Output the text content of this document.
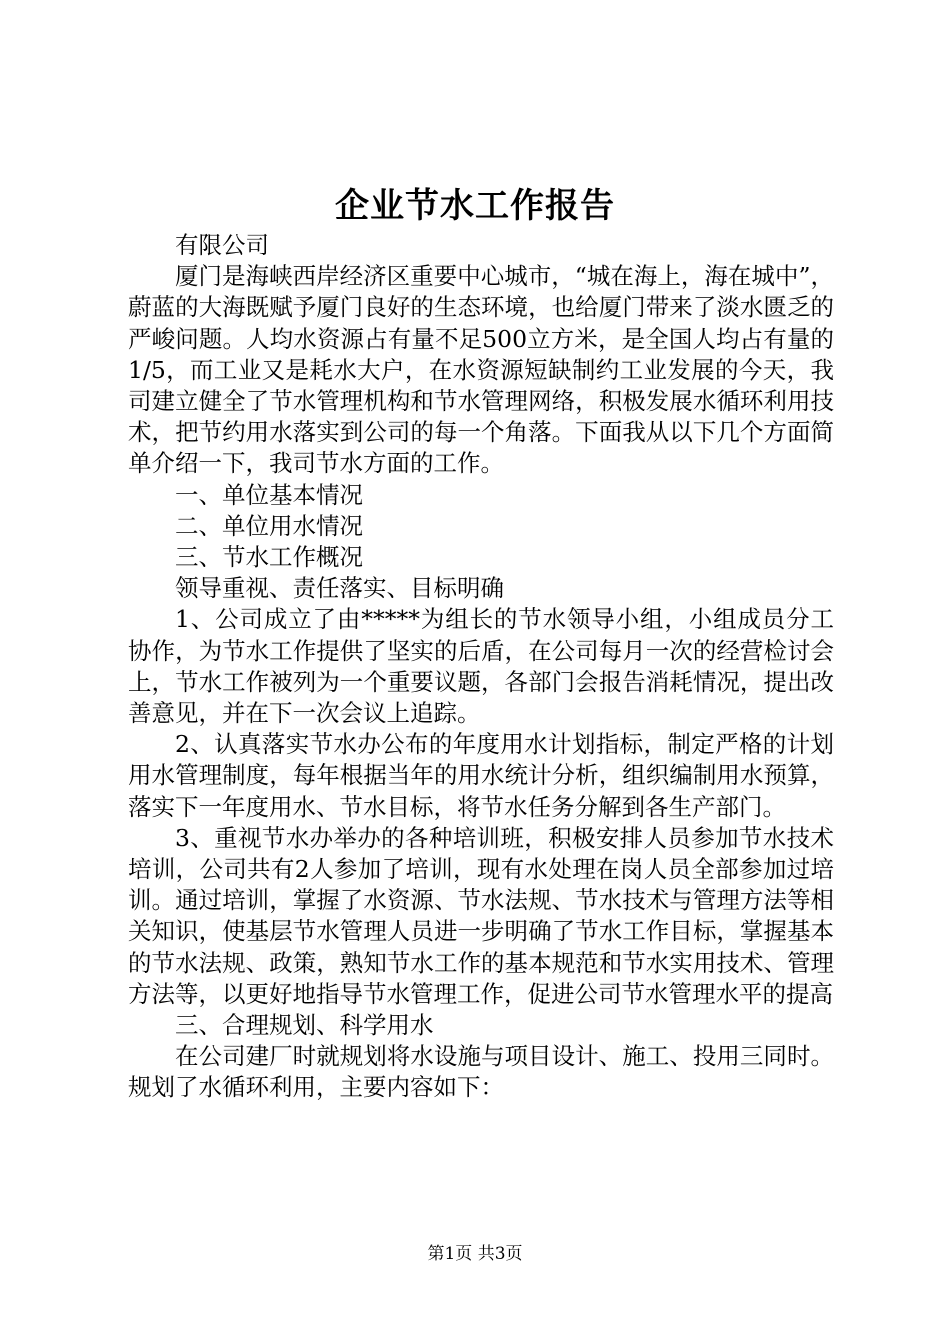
企业节水工作报告

有限公司

厦门是海峡西岸经济区重要中心城市，“城在海上，海在城中”，蔚蓝的大海既赋予厦门良好的生态环境，也给厦门带来了淡水匮乏的严峻问题。人均水资源占有量不足500立方米，是全国人均占有量的1/5，而工业又是耗水大户，在水资源短缺制约工业发展的今天，我司建立健全了节水管理机构和节水管理网络，积极发展水循环利用技术，把节约用水落实到公司的每一个角落。下面我从以下几个方面简单介绍一下，我司节水方面的工作。

一、单位基本情况

二、单位用水情况

三、节水工作概况

领导重视、责任落实、目标明确

1、公司成立了由*****为组长的节水领导小组，小组成员分工协作，为节水工作提供了坚实的后盾，在公司每月一次的经营检讨会上，节水工作被列为一个重要议题，各部门会报告消耗情况，提出改善意见，并在下一次会议上追踪。

2、认真落实节水办公布的年度用水计划指标，制定严格的计划用水管理制度，每年根据当年的用水统计分析，组织编制用水预算，落实下一年度用水、节水目标，将节水任务分解到各生产部门。

3、重视节水办举办的各种培训班，积极安排人员参加节水技术培训，公司共有2人参加了培训，现有水处理在岗人员全部参加过培训。通过培训，掌握了水资源、节水法规、节水技术与管理方法等相关知识，使基层节水管理人员进一步明确了节水工作目标，掌握基本的节水法规、政策，熟知节水工作的基本规范和节水实用技术、管理方法等，以更好地指导节水管理工作，促进公司节水管理水平的提高

三、合理规划、科学用水

在公司建厂时就规划将水设施与项目设计、施工、投用三同时。规划了水循环利用，主要内容如下：

第1页 共3页
